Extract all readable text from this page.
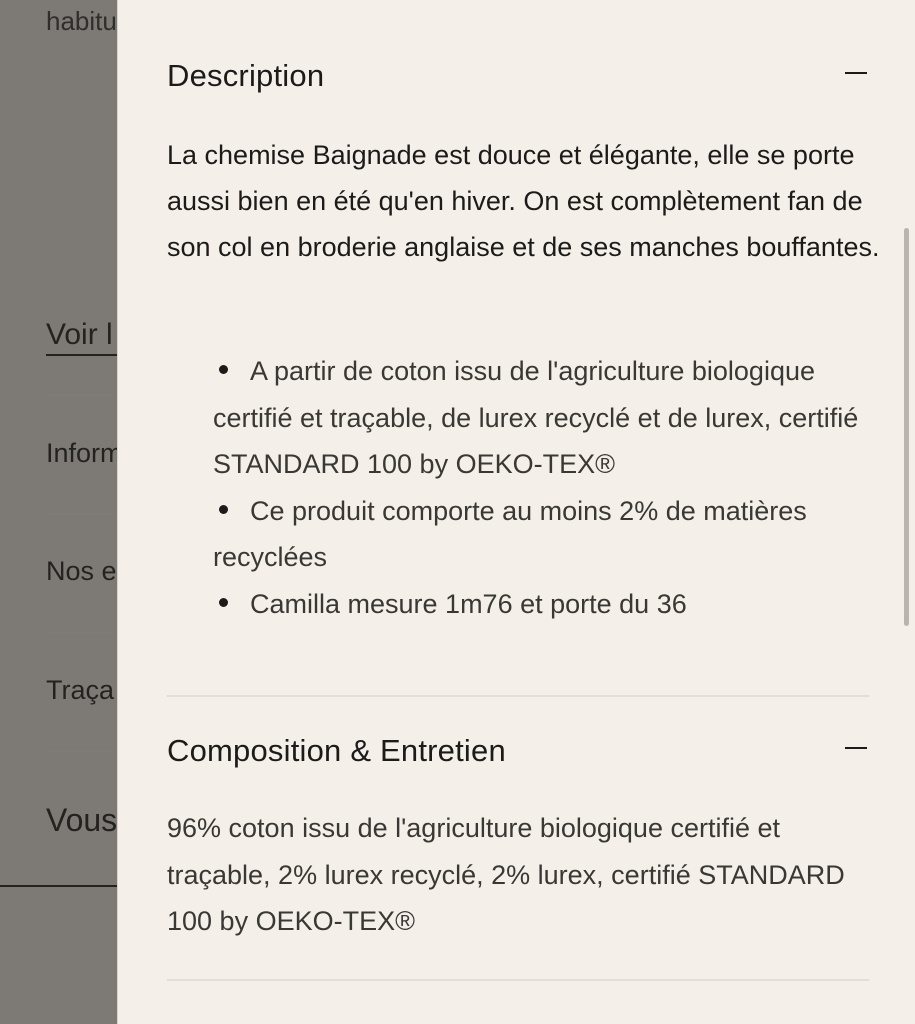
Description

La chemise Baignade est douce et élégante, elle se porte aussi bien en été qu'en hiver. On est complètement fan de son col en broderie anglaise et de ses manches bouffantes.

A partir de coton issu de l'agriculture biologique certifié et traçable, de lurex recyclé et de lurex, certifié STANDARD 100 by OEKO-TEX®
Ce produit comporte au moins 2% de matières recyclées
Camilla mesure 1m76 et porte du 36
Composition & Entretien

96% coton issu de l'agriculture biologique certifié et traçable, 2% lurex recyclé, 2% lurex, certifié STANDARD 100 by OEKO-TEX®
